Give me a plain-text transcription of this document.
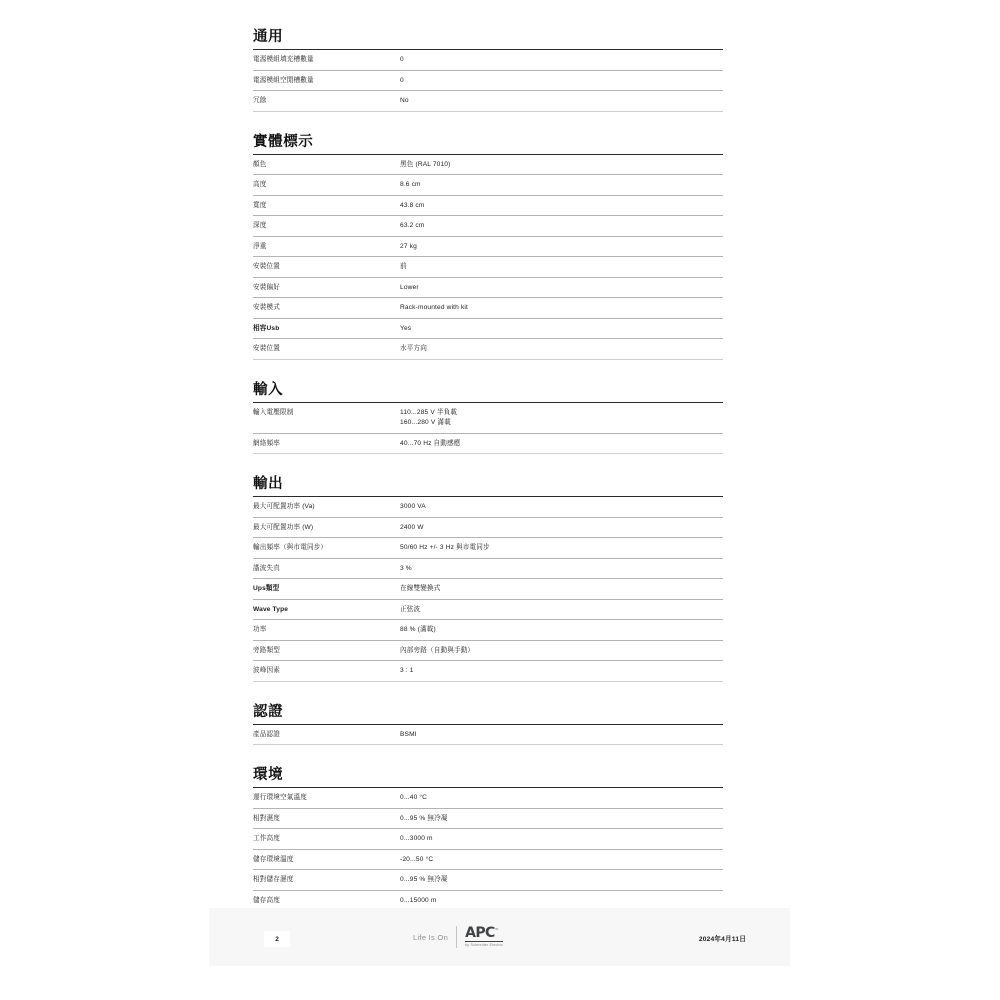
通用
電源模組填充槽數量	0
電源模組空閒槽數量	0
冗餘	No
實體標示
顏色	黑色 (RAL 7010)
高度	8.6 cm
寬度	43.8 cm
深度	63.2 cm
淨重	27 kg
安裝位置	前
安裝偏好	Lower
安裝模式	Rack-mounted with kit
相容Usb	Yes
安裝位置	水平方向
輸入
輸入電壓限制	110...285 V 半負載
160...280 V 滿載
網絡頻率	40...70 Hz 自動感應
輸出
最大可配置功率 (Va)	3000 VA
最大可配置功率 (W)	2400 W
輸出頻率（與市電同步）	50/60 Hz +/- 3 Hz 與市電同步
諧波失真	3 %
Ups類型	在線雙變換式
Wave Type	正弦波
功率	88 % (滿載)
旁路類型	內部旁路（自動與手動）
波峰因素	3 : 1
認證
產品認證	BSMI
環境
運行環境空氣溫度	0...40 °C
相對濕度	0...95 % 無冷凝
工作高度	0...3000 m
儲存環境溫度	-20...50 °C
相對儲存濕度	0...95 % 無冷凝
儲存高度	0...15000 m
2	Life Is On APC™
by Schneider Electric
2024年4月11日
